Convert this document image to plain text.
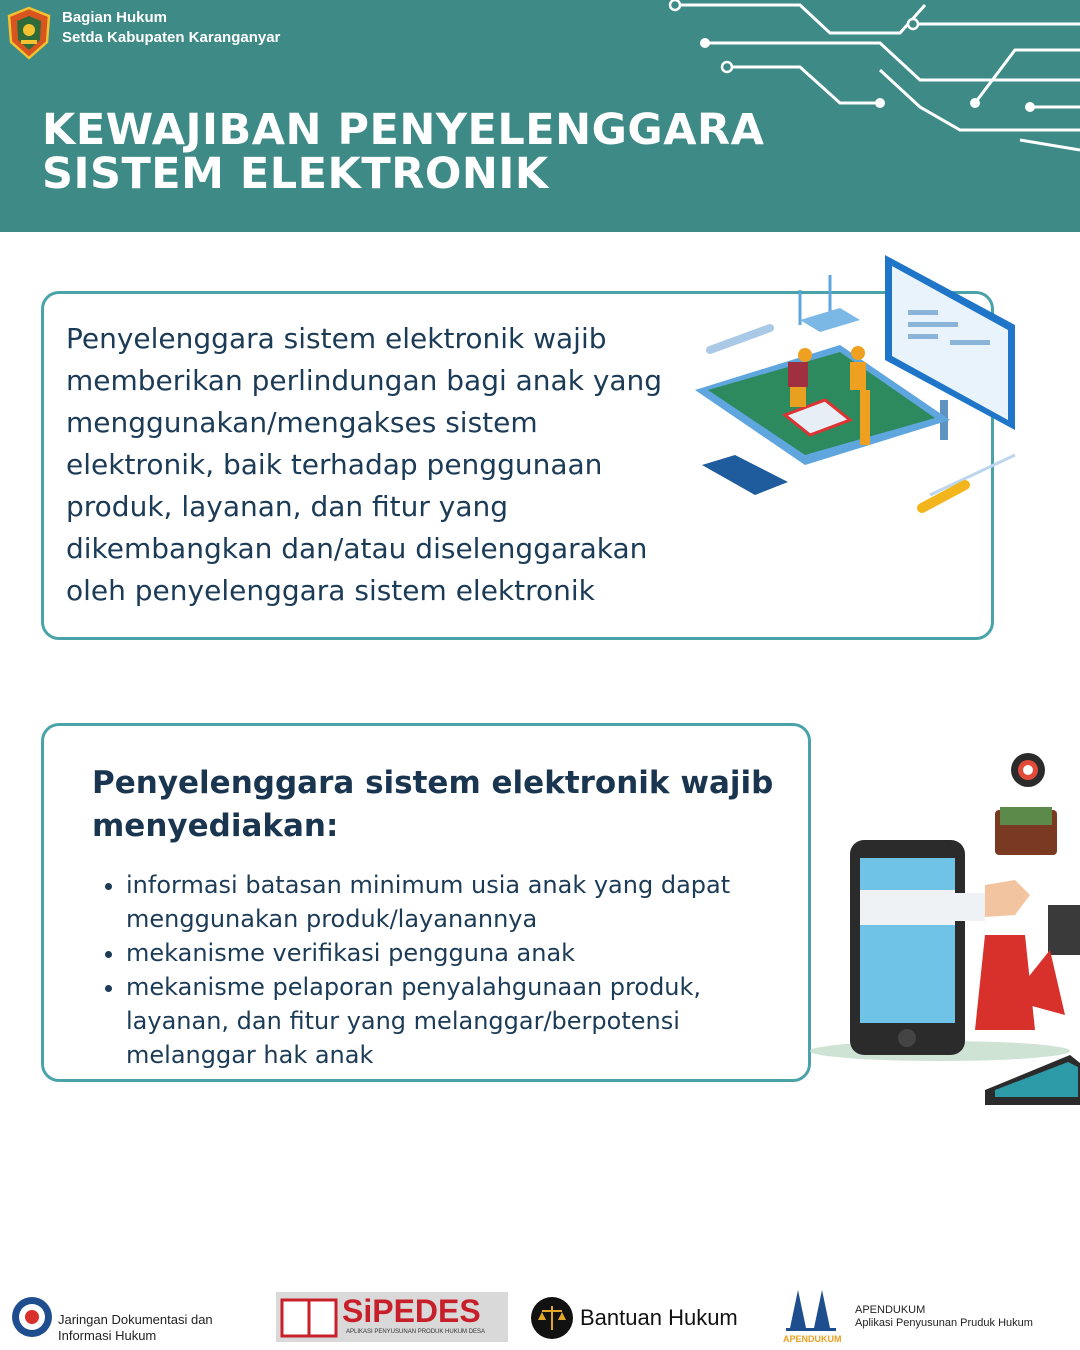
Bagian Hukum
Setda Kabupaten Karanganyar
KEWAJIBAN PENYELENGGARA
SISTEM ELEKTRONIK

Penyelenggara sistem elektronik wajib memberikan perlindungan bagi anak yang menggunakan/mengakses sistem elektronik, baik terhadap penggunaan produk, layanan, dan fitur yang dikembangkan dan/atau diselenggarakan oleh penyelenggara sistem elektronik

Penyelenggara sistem elektronik wajib menyediakan:
• informasi batasan minimum usia anak yang dapat menggunakan produk/layanannya
• mekanisme verifikasi pengguna anak
• mekanisme pelaporan penyalahgunaan produk, layanan, dan fitur yang melanggar/berpotensi melanggar hak anak
Jaringan Dokumentasi dan
Informasi Hukum
SiPEDES
APLIKASI PENYUSUNAN PRODUK HUKUM DESA
Bantuan Hukum
APENDUKUM
APENDUKUM
Aplikasi Penyusunan Pruduk Hukum
